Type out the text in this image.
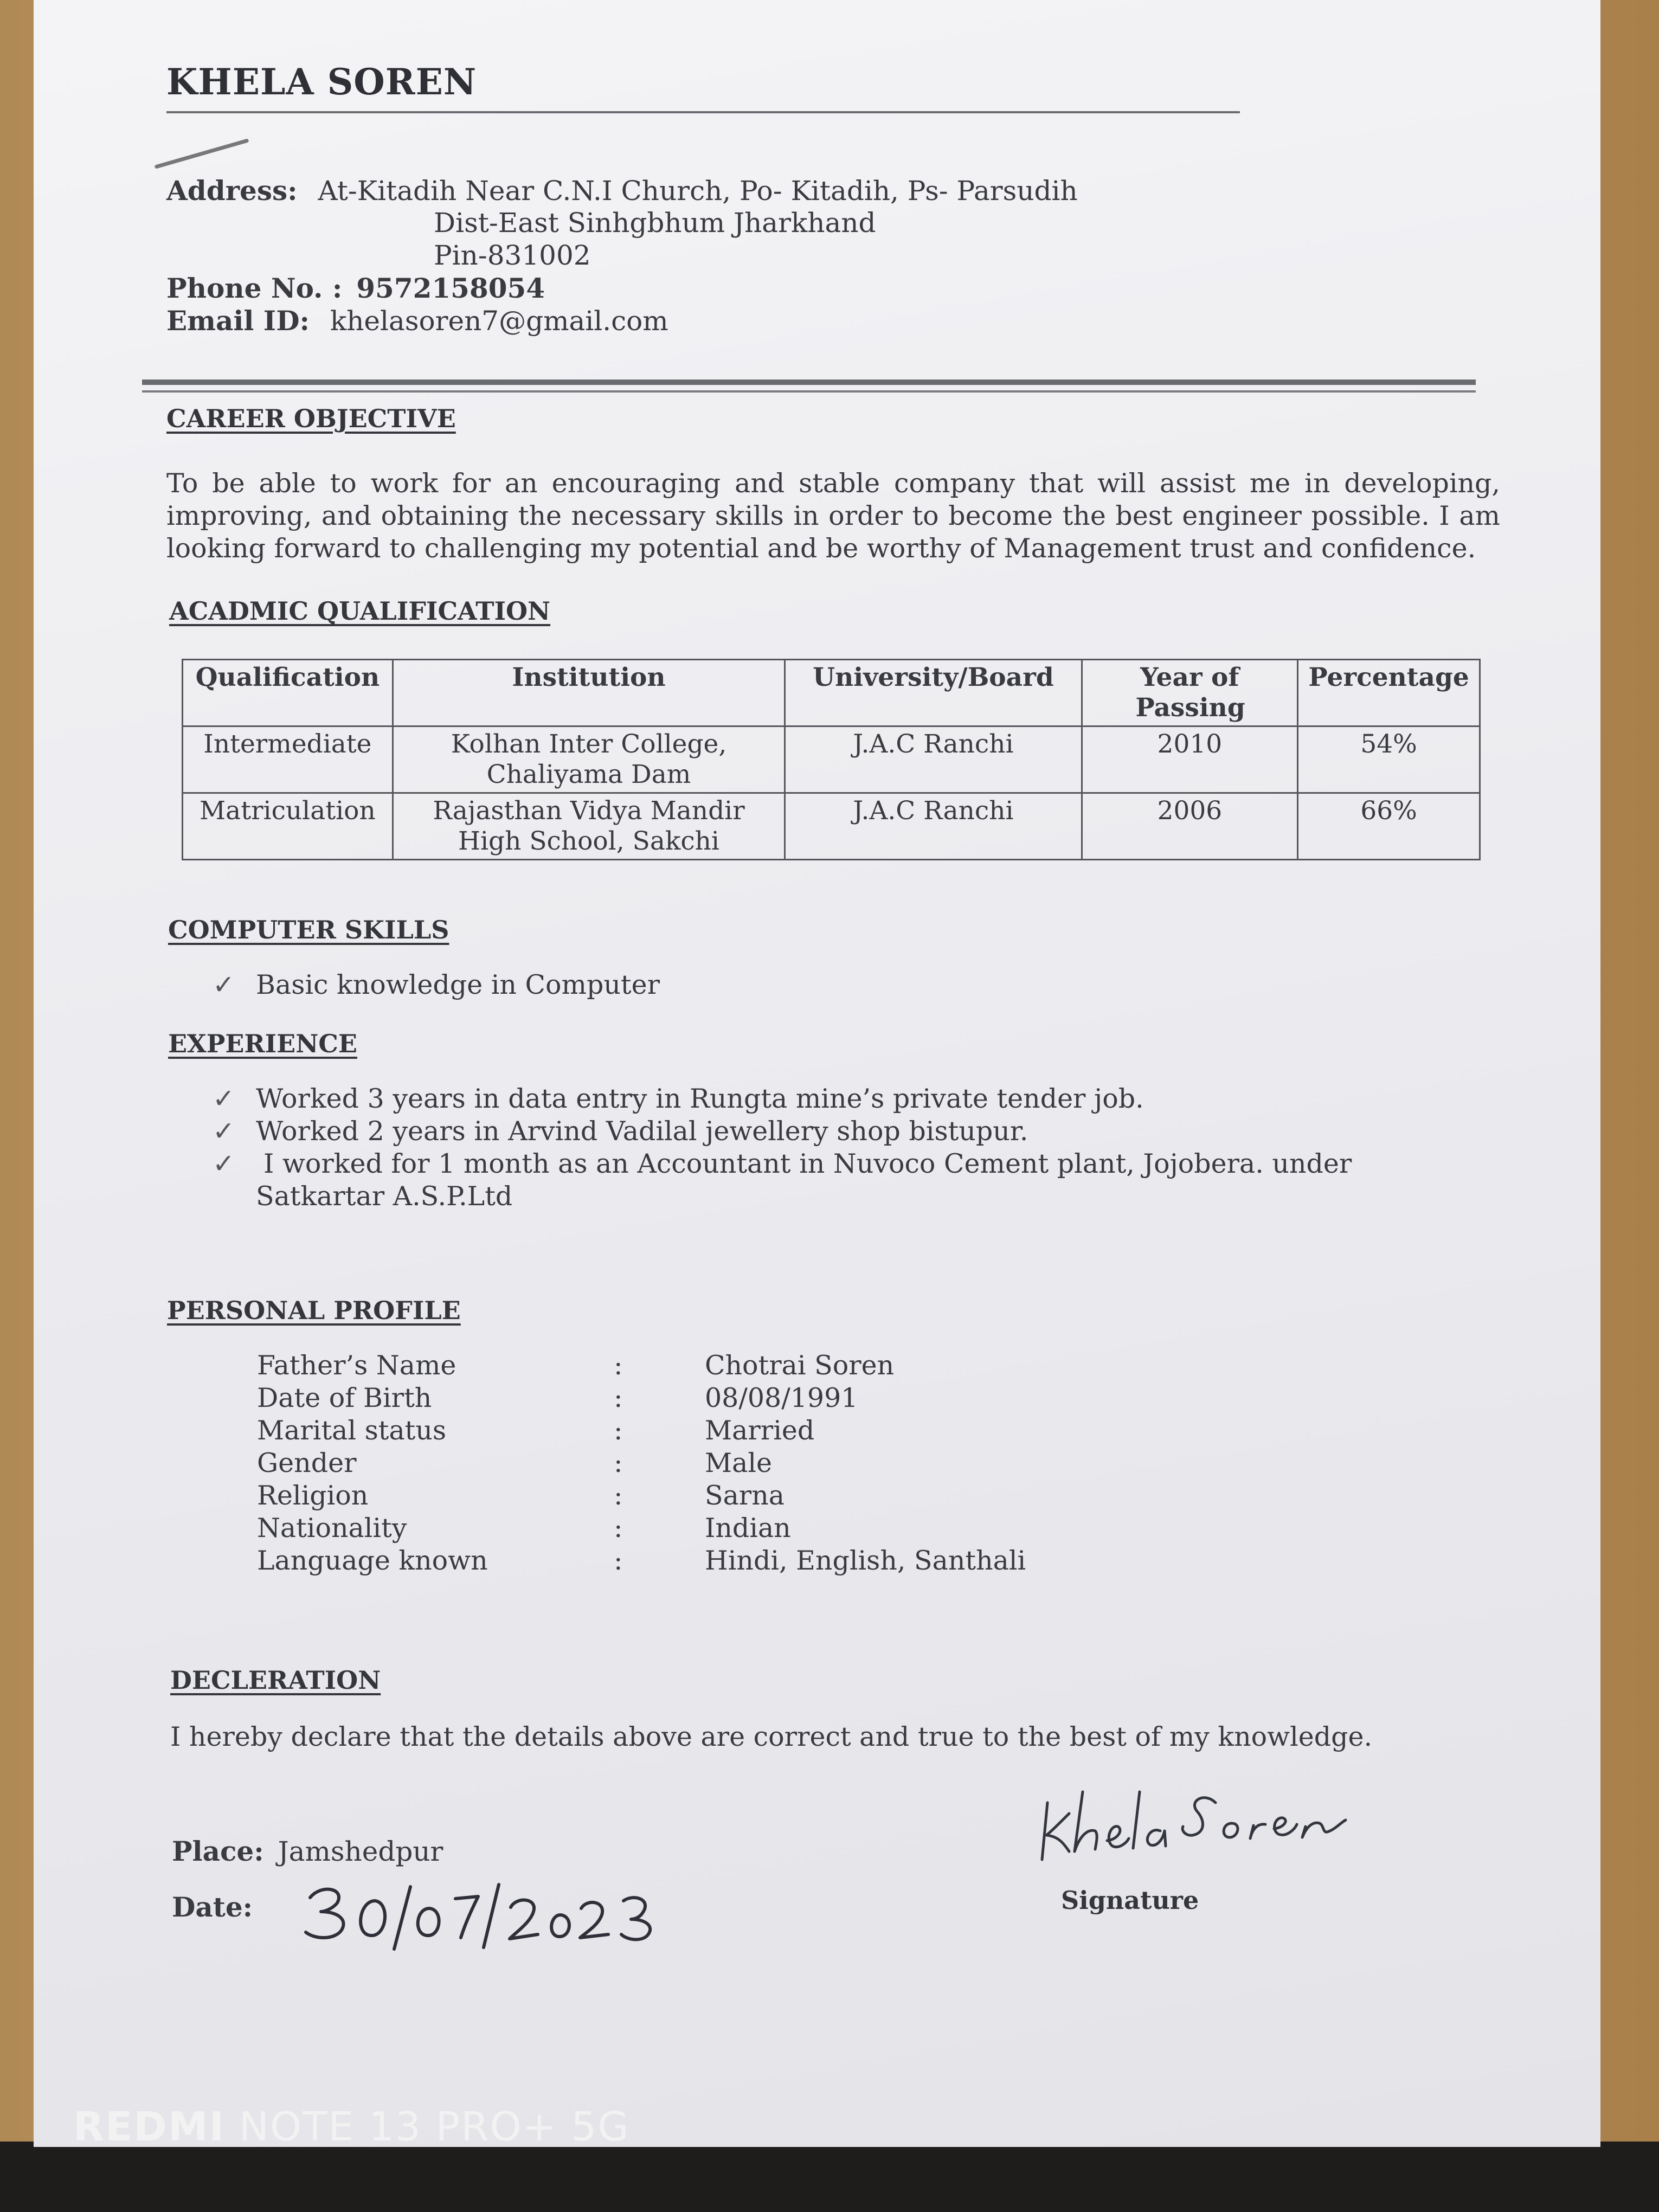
KHELA SOREN
Address: At-Kitadih Near C.N.I Church, Po- Kitadih, Ps- Parsudih
Dist-East Sinhgbhum Jharkhand
Pin-831002
Phone No. : 9572158054
Email ID: khelasoren7@gmail.com
CAREER OBJECTIVE
To be able to work for an encouraging and stable company that will assist me in developing, improving, and obtaining the necessary skills in order to become the best engineer possible. I am looking forward to challenging my potential and be worthy of Management trust and confidence.
ACADMIC QUALIFICATION
Qualification	Institution	University/Board	Year of Passing	Percentage
Intermediate	Kolhan Inter College, Chaliyama Dam	J.A.C Ranchi	2010	54%
Matriculation	Rajasthan Vidya Mandir High School, Sakchi	J.A.C Ranchi	2006	66%
COMPUTER SKILLS
✓ Basic knowledge in Computer
EXPERIENCE
✓ Worked 3 years in data entry in Rungta mine’s private tender job.
✓ Worked 2 years in Arvind Vadilal jewellery shop bistupur.
✓ I worked for 1 month as an Accountant in Nuvoco Cement plant, Jojobera. under
Satkartar A.S.P.Ltd
PERSONAL PROFILE
Father’s Name	:	Chotrai Soren
Date of Birth	:	08/08/1991
Marital status	:	Married
Gender	:	Male
Religion	:	Sarna
Nationality	:	Indian
Language known	:	Hindi, English, Santhali
DECLERATION
I hereby declare that the details above are correct and true to the best of my knowledge.
Place: Jamshedpur
Date:	Signature
REDMI NOTE 13 PRO+ 5G
